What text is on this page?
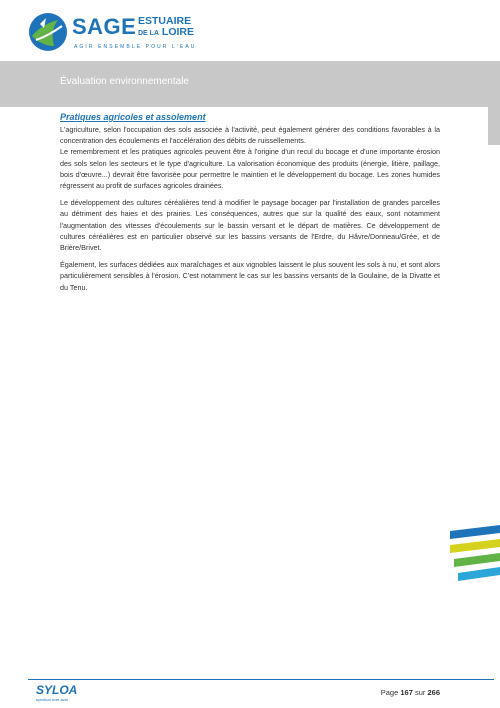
SAGE ESTUAIRE
DE LA LOIRE
AGIR ENSEMBLE POUR L'EAU
Évaluation environnementale
Pratiques agricoles et assolement

L'agriculture, selon l'occupation des sols associée à l'activité, peut également générer des conditions favorables à la concentration des écoulements et l'accélération des débits de ruissellements.

Le remembrement et les pratiques agricoles peuvent être à l'origine d'un recul du bocage et d'une importante érosion des sols selon les secteurs et le type d'agriculture. La valorisation économique des produits (énergie, litière, paillage, bois d'œuvre...) devrait être favorisée pour permettre le maintien et le développement du bocage. Les zones humides régressent au profit de surfaces agricoles drainées.

Le développement des cultures céréalières tend à modifier le paysage bocager par l'installation de grandes parcelles au détriment des haies et des prairies. Les conséquences, autres que sur la qualité des eaux, sont notamment l'augmentation des vitesses d'écoulements sur le bassin versant et le départ de matières. Ce développement de cultures céréalières est en particulier observé sur les bassins versants de l'Erdre, du Hâvre/Donneau/Grée, et de Brière/Brivet.

Également, les surfaces dédiées aux maraîchages et aux vignobles laissent le plus souvent les sols à nu, et sont alors particulièrement sensibles à l'érosion. C'est notamment le cas sur les bassins versants de la Goulaine, de la Divatte et du Tenu.

SYLOA
syndicat loire aval
Page 167 sur 266
